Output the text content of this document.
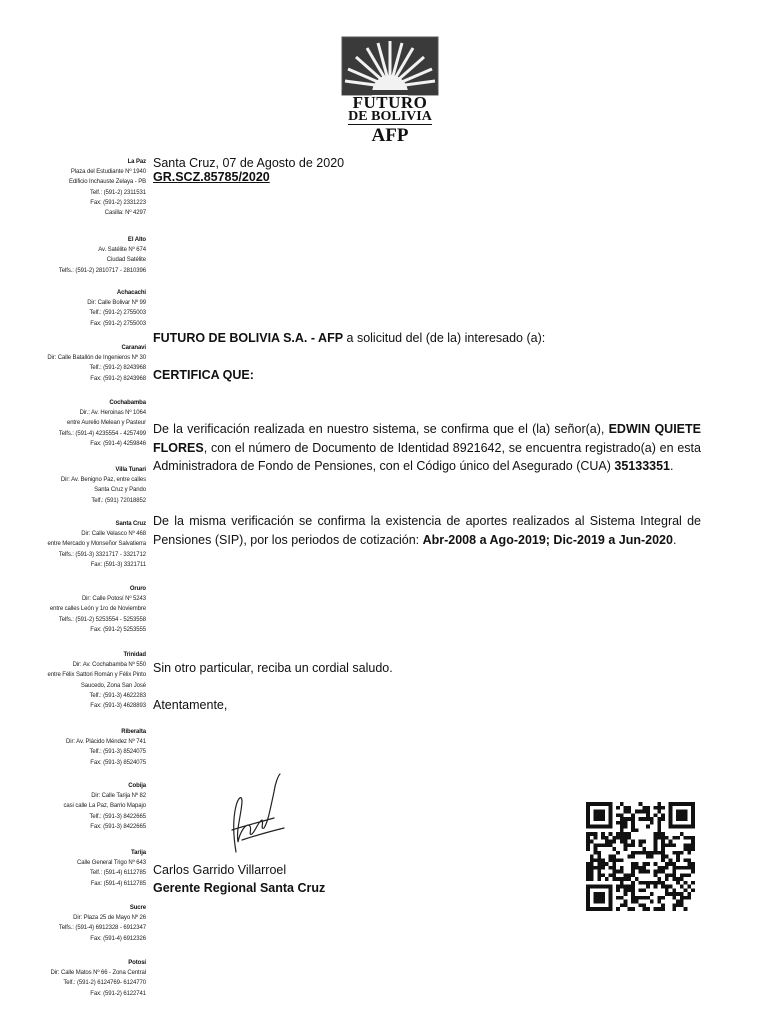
FUTURO
DE BOLIVIA
AFP
La Paz
Plaza del Estudiante Nº 1940
Edificio Inchauste Zelaya - PB
Telf.: (591-2) 2311531
Fax: (591-2) 2331223
Casilla: Nº 4297
El Alto
Av. Satélite Nº 674
Ciudad Satélite
Telfs.: (591-2) 2810717 - 2810396
Achacachi
Dir: Calle Bolivar Nº 99
Telf.: (591-2) 2755003
Fax: (591-2) 2755003
Caranavi
Dir: Calle Batallón de Ingenieros Nº 30
Telf.: (591-2) 8243968
Fax: (591-2) 8243968
Cochabamba
Dir.: Av. Heroinas Nº 1064
entre Aurelio Melean y Pasteur
Telfs.: (591-4) 4235554 - 4257499
Fax: (591-4) 4259846
Villa Tunari
Dir: Av. Benigno Paz, entre calles
Santa Cruz y Pando
Telf.: (591) 72018852
Santa Cruz
Dir: Calle Velasco Nº 468
entre Mercado y Monseñor Salvatierra
Telfs.: (591-3) 3321717 - 3321712
Fax: (591-3) 3321711
Oruro
Dir: Calle Potosí Nº 5243
entre calles León y 1ro de Noviembre
Telfs.: (591-2) 5253554 - 5253558
Fax: (591-2) 5253555
Trinidad
Dir: Av. Cochabamba Nº 550
entre Félix Sattori Román y Félix Pinto
Saucedo, Zona San José
Telf.: (591-3) 4622283
Fax: (591-3) 4628893
Riberalta
Dir: Av. Plácido Méndez Nº 741
Telf.: (591-3) 8524075
Fax: (591-3) 8524075
Cobija
Dir: Calle Tarija Nº 82
casi calle La Paz, Barrio Mapajo
Telf.: (591-3) 8422665
Fax: (591-3) 8422665
Tarija
Calle General Trigo Nº 643
Telf.: (591-4) 6112785
Fax: (591-4) 6112785
Sucre
Dir: Plaza 25 de Mayo Nº 26
Telfs.: (591-4) 6912328 - 6912347
Fax: (591-4) 6912326
Potosí
Dir: Calle Matos Nº 66 - Zona Central
Telf.: (591-2) 6124769- 6124770
Fax: (591-2) 6122741
Santa Cruz, 07 de Agosto de 2020
GR.SCZ.85785/2020
FUTURO DE BOLIVIA S.A. - AFP a solicitud del (de la) interesado (a):
CERTIFICA QUE:
De la verificación realizada en nuestro sistema, se confirma que el (la) señor(a), EDWIN QUIETE FLORES, con el número de Documento de Identidad 8921642, se encuentra registrado(a) en esta Administradora de Fondo de Pensiones, con el Código único del Asegurado (CUA) 35133351.
De la misma verificación se confirma la existencia de aportes realizados al Sistema Integral de Pensiones (SIP), por los periodos de cotización: Abr-2008 a Ago-2019; Dic-2019 a Jun-2020.
Sin otro particular, reciba un cordial saludo.
Atentamente,
Carlos Garrido Villarroel
Gerente Regional Santa Cruz
